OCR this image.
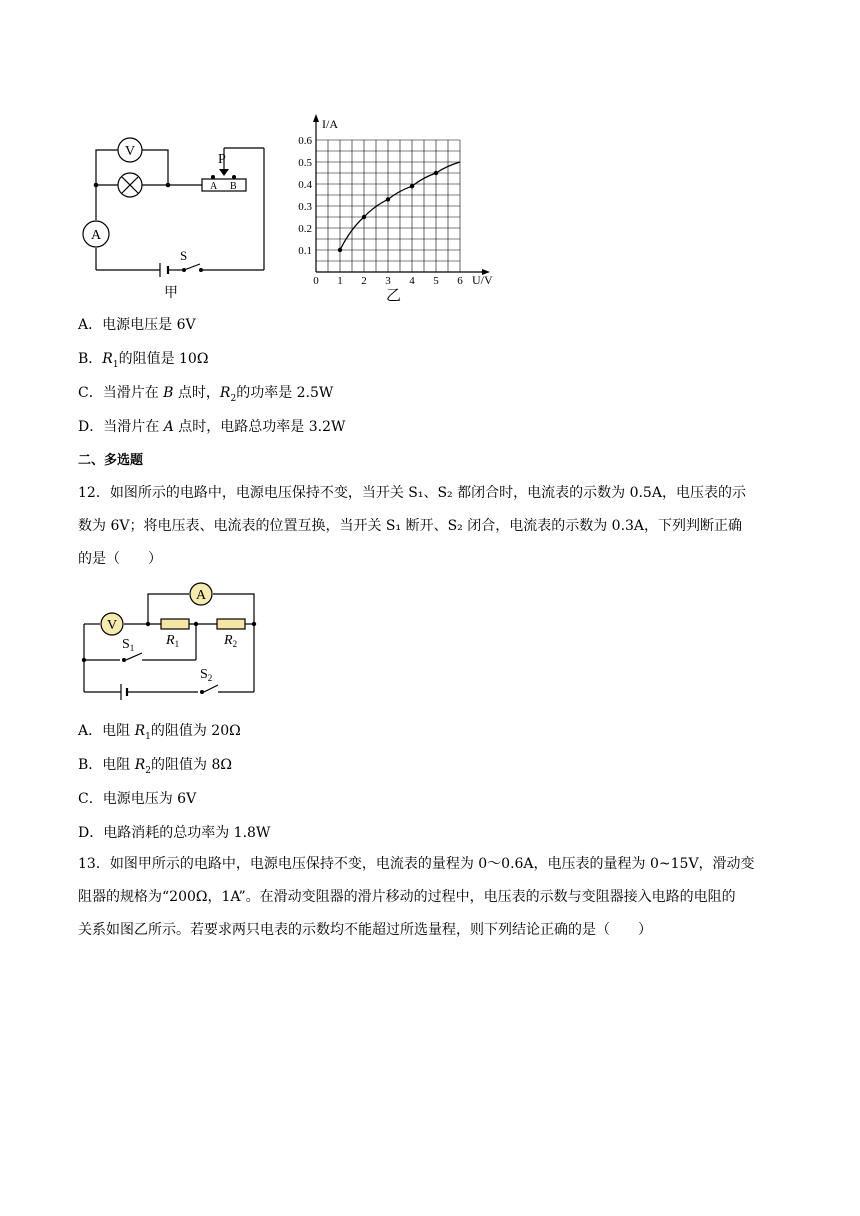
V
A
P
A B
S
甲
0.6
0.5
0.4
0.3
0.2
0.1
0 1 2 3 4 5 6
I/A
U/V
乙
A．电源电压是 6V
B．$R_1$的阻值是 10Ω
C．当滑片在 B 点时，$R_2$的功率是 2.5W
D．当滑片在 A 点时，电路总功率是 3.2W
二、多选题
12．如图所示的电路中，电源电压保持不变，当开关 S₁、S₂ 都闭合时，电流表的示数为 0.5A，电压表的示
数为 6V；将电压表、电流表的位置互换，当开关 S₁ 断开、S₂ 闭合，电流表的示数为 0.3A，下列判断正确
的是（　　）
V
A
$S_1$ $R_1$	$R_2$
$S_2$
A．电阻 $R_1$的阻值为 20Ω
B．电阻 $R_2$的阻值为 8Ω
C．电源电压为 6V
D．电路消耗的总功率为 1.8W
13．如图甲所示的电路中，电源电压保持不变，电流表的量程为 0～0.6A，电压表的量程为 0~15V，滑动变
阻器的规格为“200Ω，1A”。在滑动变阻器的滑片移动的过程中，电压表的示数与变阻器接入电路的电阻的
关系如图乙所示。若要求两只电表的示数均不能超过所选量程，则下列结论正确的是（　　）
